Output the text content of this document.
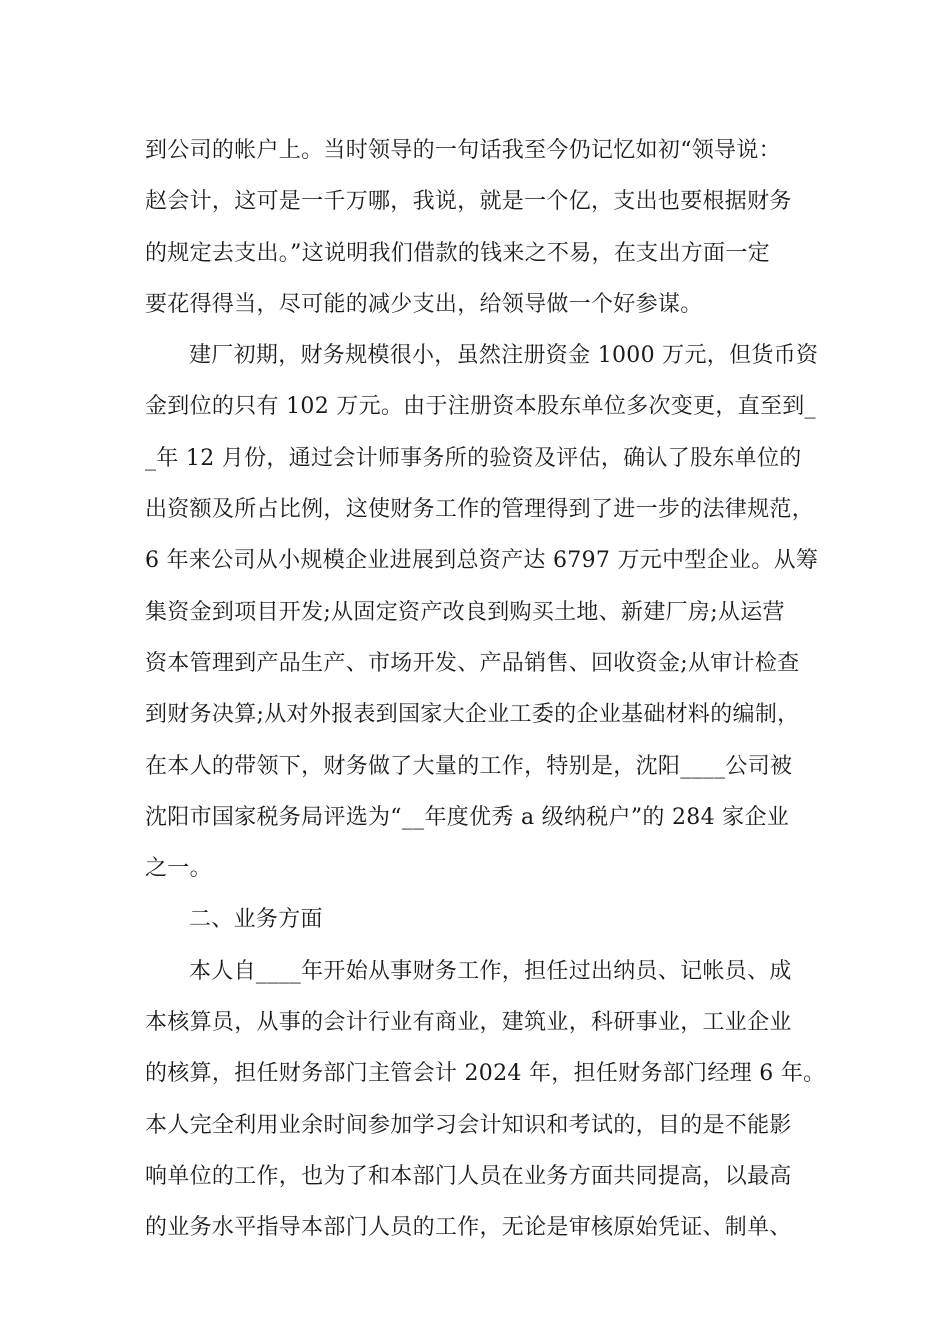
到公司的帐户上。当时领导的一句话我至今仍记忆如初“领导说：
赵会计，这可是一千万哪，我说，就是一个亿，支出也要根据财务
的规定去支出。”这说明我们借款的钱来之不易，在支出方面一定
要花得得当，尽可能的减少支出，给领导做一个好参谋。
建厂初期，财务规模很小，虽然注册资金 1000 万元，但货币资
金到位的只有 102 万元。由于注册资本股东单位多次变更，直至到_
_年 12 月份，通过会计师事务所的验资及评估，确认了股东单位的
出资额及所占比例，这使财务工作的管理得到了进一步的法律规范，
6 年来公司从小规模企业进展到总资产达 6797 万元中型企业。从筹
集资金到项目开发;从固定资产改良到购买土地、新建厂房;从运营
资本管理到产品生产、市场开发、产品销售、回收资金;从审计检查
到财务决算;从对外报表到国家大企业工委的企业基础材料的编制，
在本人的带领下，财务做了大量的工作，特别是，沈阳____公司被
沈阳市国家税务局评选为“__年度优秀 a 级纳税户”的 284 家企业
之一。
二、业务方面
本人自____年开始从事财务工作，担任过出纳员、记帐员、成
本核算员，从事的会计行业有商业，建筑业，科研事业，工业企业
的核算，担任财务部门主管会计 2024 年，担任财务部门经理 6 年。
本人完全利用业余时间参加学习会计知识和考试的，目的是不能影
响单位的工作，也为了和本部门人员在业务方面共同提高，以最高
的业务水平指导本部门人员的工作，无论是审核原始凭证、制单、
